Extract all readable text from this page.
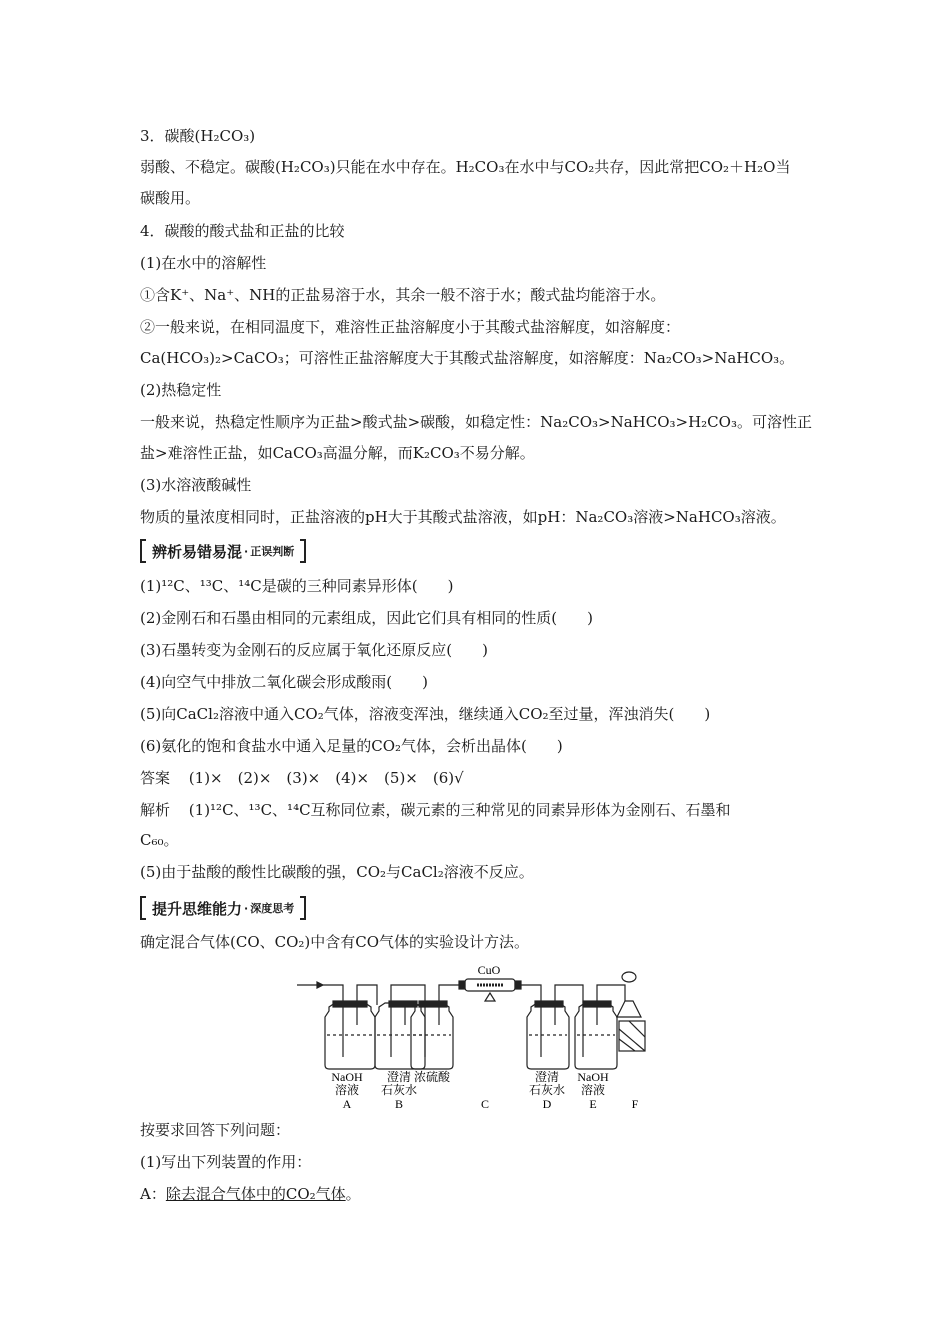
3．碳酸(H₂CO₃)
弱酸、不稳定。碳酸(H₂CO₃)只能在水中存在。H₂CO₃在水中与CO₂共存，因此常把CO₂＋H₂O当
碳酸用。
4．碳酸的酸式盐和正盐的比较
(1)在水中的溶解性
①含K⁺、Na⁺、NH的正盐易溶于水，其余一般不溶于水；酸式盐均能溶于水。
②一般来说，在相同温度下，难溶性正盐溶解度小于其酸式盐溶解度，如溶解度：
Ca(HCO₃)₂>CaCO₃；可溶性正盐溶解度大于其酸式盐溶解度，如溶解度：Na₂CO₃>NaHCO₃。
(2)热稳定性
一般来说，热稳定性顺序为正盐>酸式盐>碳酸，如稳定性：Na₂CO₃>NaHCO₃>H₂CO₃。可溶性正
盐>难溶性正盐，如CaCO₃高温分解，而K₂CO₃不易分解。
(3)水溶液酸碱性
物质的量浓度相同时，正盐溶液的pH大于其酸式盐溶液，如pH：Na₂CO₃溶液>NaHCO₃溶液。
辨析易错易混 · 正误判断
(1)¹²C、¹³C、¹⁴C是碳的三种同素异形体(　　)
(2)金刚石和石墨由相同的元素组成，因此它们具有相同的性质(　　)
(3)石墨转变为金刚石的反应属于氧化还原反应(　　)
(4)向空气中排放二氧化碳会形成酸雨(　　)
(5)向CaCl₂溶液中通入CO₂气体，溶液变浑浊，继续通入CO₂至过量，浑浊消失(　　)
(6)氨化的饱和食盐水中通入足量的CO₂气体，会析出晶体(　　)
答案 (1)×　(2)×　(3)×　(4)×　(5)×　(6)√
解析 (1)¹²C、¹³C、¹⁴C互称同位素，碳元素的三种常见的同素异形体为金刚石、石墨和
C₆₀。
(5)由于盐酸的酸性比碳酸的强，CO₂与CaCl₂溶液不反应。
提升思维能力 · 深度思考
确定混合气体(CO、CO₂)中含有CO气体的实验设计方法。
CuO
NaOH
溶液
A
澄清
石灰水
B
浓硫酸
C
澄清
石灰水
D
NaOH
溶液
E	F
按要求回答下列问题：
(1)写出下列装置的作用：
A：除去混合气体中的CO₂气体。
